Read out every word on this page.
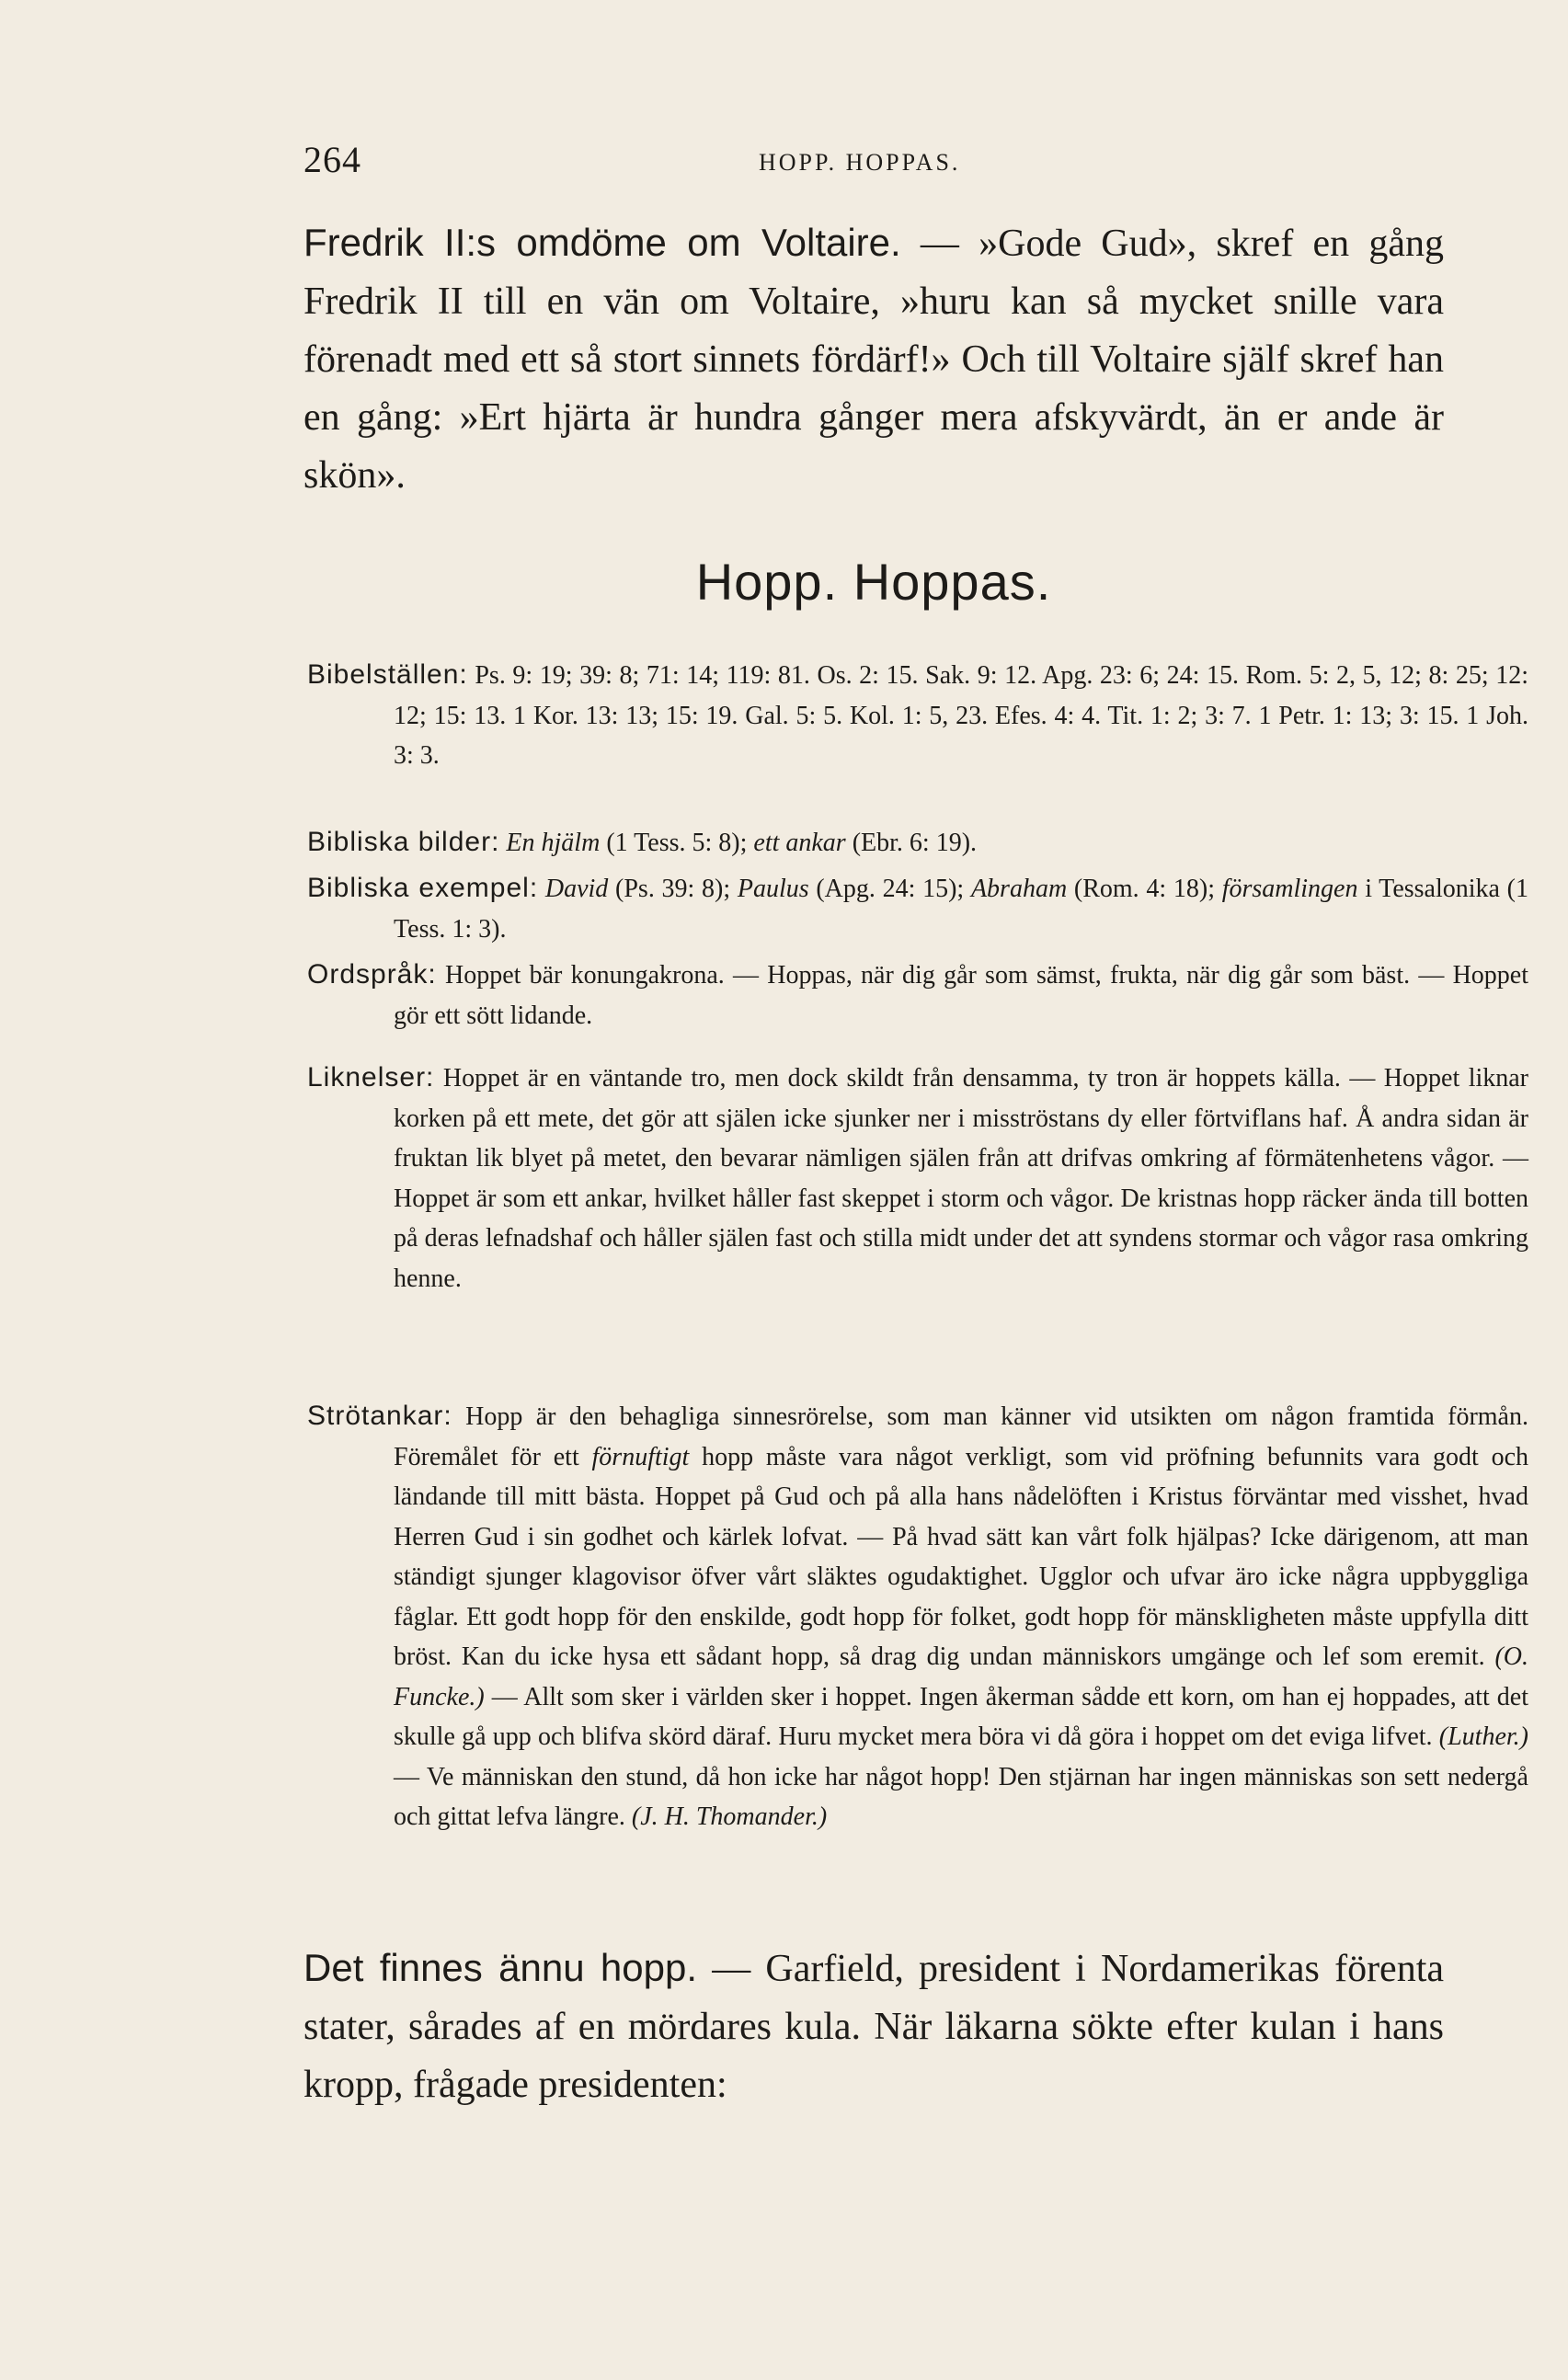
264	HOPP. HOPPAS.
Fredrik II:s omdöme om Voltaire. — »Gode Gud», skref en gång Fredrik II till en vän om Voltaire, »huru kan så mycket snille vara förenadt med ett så stort sinnets fördärf!» Och till Voltaire själf skref han en gång: »Ert hjärta är hundra gånger mera afskyvärdt, än er ande är skön».
Hopp. Hoppas.
Bibelställen: Ps. 9: 19; 39: 8; 71: 14; 119: 81. Os. 2: 15. Sak. 9: 12. Apg. 23: 6; 24: 15. Rom. 5: 2, 5, 12; 8: 25; 12: 12; 15: 13. 1 Kor. 13: 13; 15: 19. Gal. 5: 5. Kol. 1: 5, 23. Efes. 4: 4. Tit. 1: 2; 3: 7. 1 Petr. 1: 13; 3: 15. 1 Joh. 3: 3.
Bibliska bilder: En hjälm (1 Tess. 5: 8); ett ankar (Ebr. 6: 19).
Bibliska exempel: David (Ps. 39: 8); Paulus (Apg. 24: 15); Abraham (Rom. 4: 18); församlingen i Tessalonika (1 Tess. 1: 3).
Ordspråk: Hoppet bär konungakrona. — Hoppas, när dig går som sämst, frukta, när dig går som bäst. — Hoppet gör ett sött lidande.
Liknelser: Hoppet är en väntande tro, men dock skildt från densamma, ty tron är hoppets källa. — Hoppet liknar korken på ett mete, det gör att själen icke sjunker ner i misströstans dy eller förtviflans haf. Å andra sidan är fruktan lik blyet på metet, den bevarar nämligen själen från att drifvas omkring af förmätenhetens vågor. — Hoppet är som ett ankar, hvilket håller fast skeppet i storm och vågor. De kristnas hopp räcker ända till botten på deras lefnadshaf och håller själen fast och stilla midt under det att syndens stormar och vågor rasa omkring henne.
Strötankar: Hopp är den behagliga sinnesrörelse, som man känner vid utsikten om någon framtida förmån. Föremålet för ett förnuftigt hopp måste vara något verkligt, som vid pröfning befunnits vara godt och ländande till mitt bästa. Hoppet på Gud och på alla hans nådelöften i Kristus förväntar med visshet, hvad Herren Gud i sin godhet och kärlek lofvat. — På hvad sätt kan vårt folk hjälpas? Icke därigenom, att man ständigt sjunger klagovisor öfver vårt släktes ogudaktighet. Ugglor och ufvar äro icke några uppbyggliga fåglar. Ett godt hopp för den enskilde, godt hopp för folket, godt hopp för mänskligheten måste uppfylla ditt bröst. Kan du icke hysa ett sådant hopp, så drag dig undan människors umgänge och lef som eremit. (O. Funcke.) — Allt som sker i världen sker i hoppet. Ingen åkerman sådde ett korn, om han ej hoppades, att det skulle gå upp och blifva skörd däraf. Huru mycket mera böra vi då göra i hoppet om det eviga lifvet. (Luther.) — Ve människan den stund, då hon icke har något hopp! Den stjärnan har ingen människas son sett nedergå och gittat lefva längre. (J. H. Thomander.)
Det finnes ännu hopp. — Garfield, president i Nordamerikas förenta stater, sårades af en mördares kula. När läkarna sökte efter kulan i hans kropp, frågade presidenten:
